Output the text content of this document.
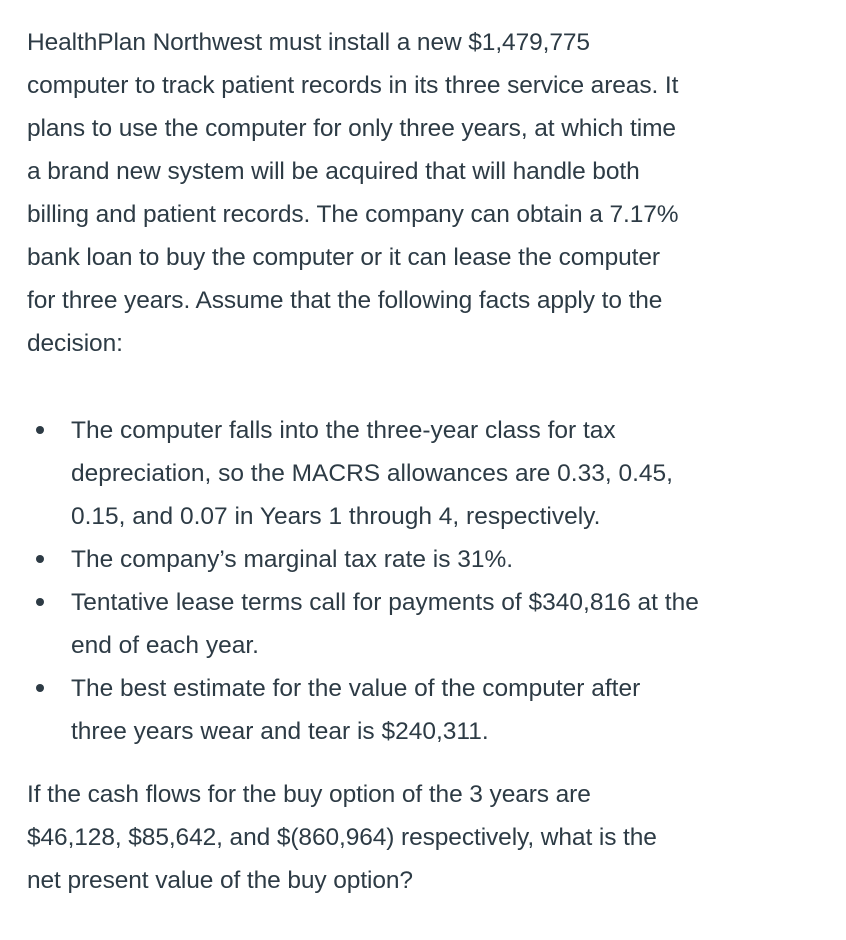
HealthPlan Northwest must install a new $1,479,775
computer to track patient records in its three service areas. It
plans to use the computer for only three years, at which time
a brand new system will be acquired that will handle both
billing and patient records. The company can obtain a 7.17%
bank loan to buy the computer or it can lease the computer
for three years. Assume that the following facts apply to the
decision:

The computer falls into the three-year class for tax
depreciation, so the MACRS allowances are 0.33, 0.45,
0.15, and 0.07 in Years 1 through 4, respectively.
The company’s marginal tax rate is 31%.
Tentative lease terms call for payments of $340,816 at the
end of each year.
The best estimate for the value of the computer after
three years wear and tear is $240,311.

If the cash flows for the buy option of the 3 years are
$46,128, $85,642, and $(860,964) respectively, what is the
net present value of the buy option?
